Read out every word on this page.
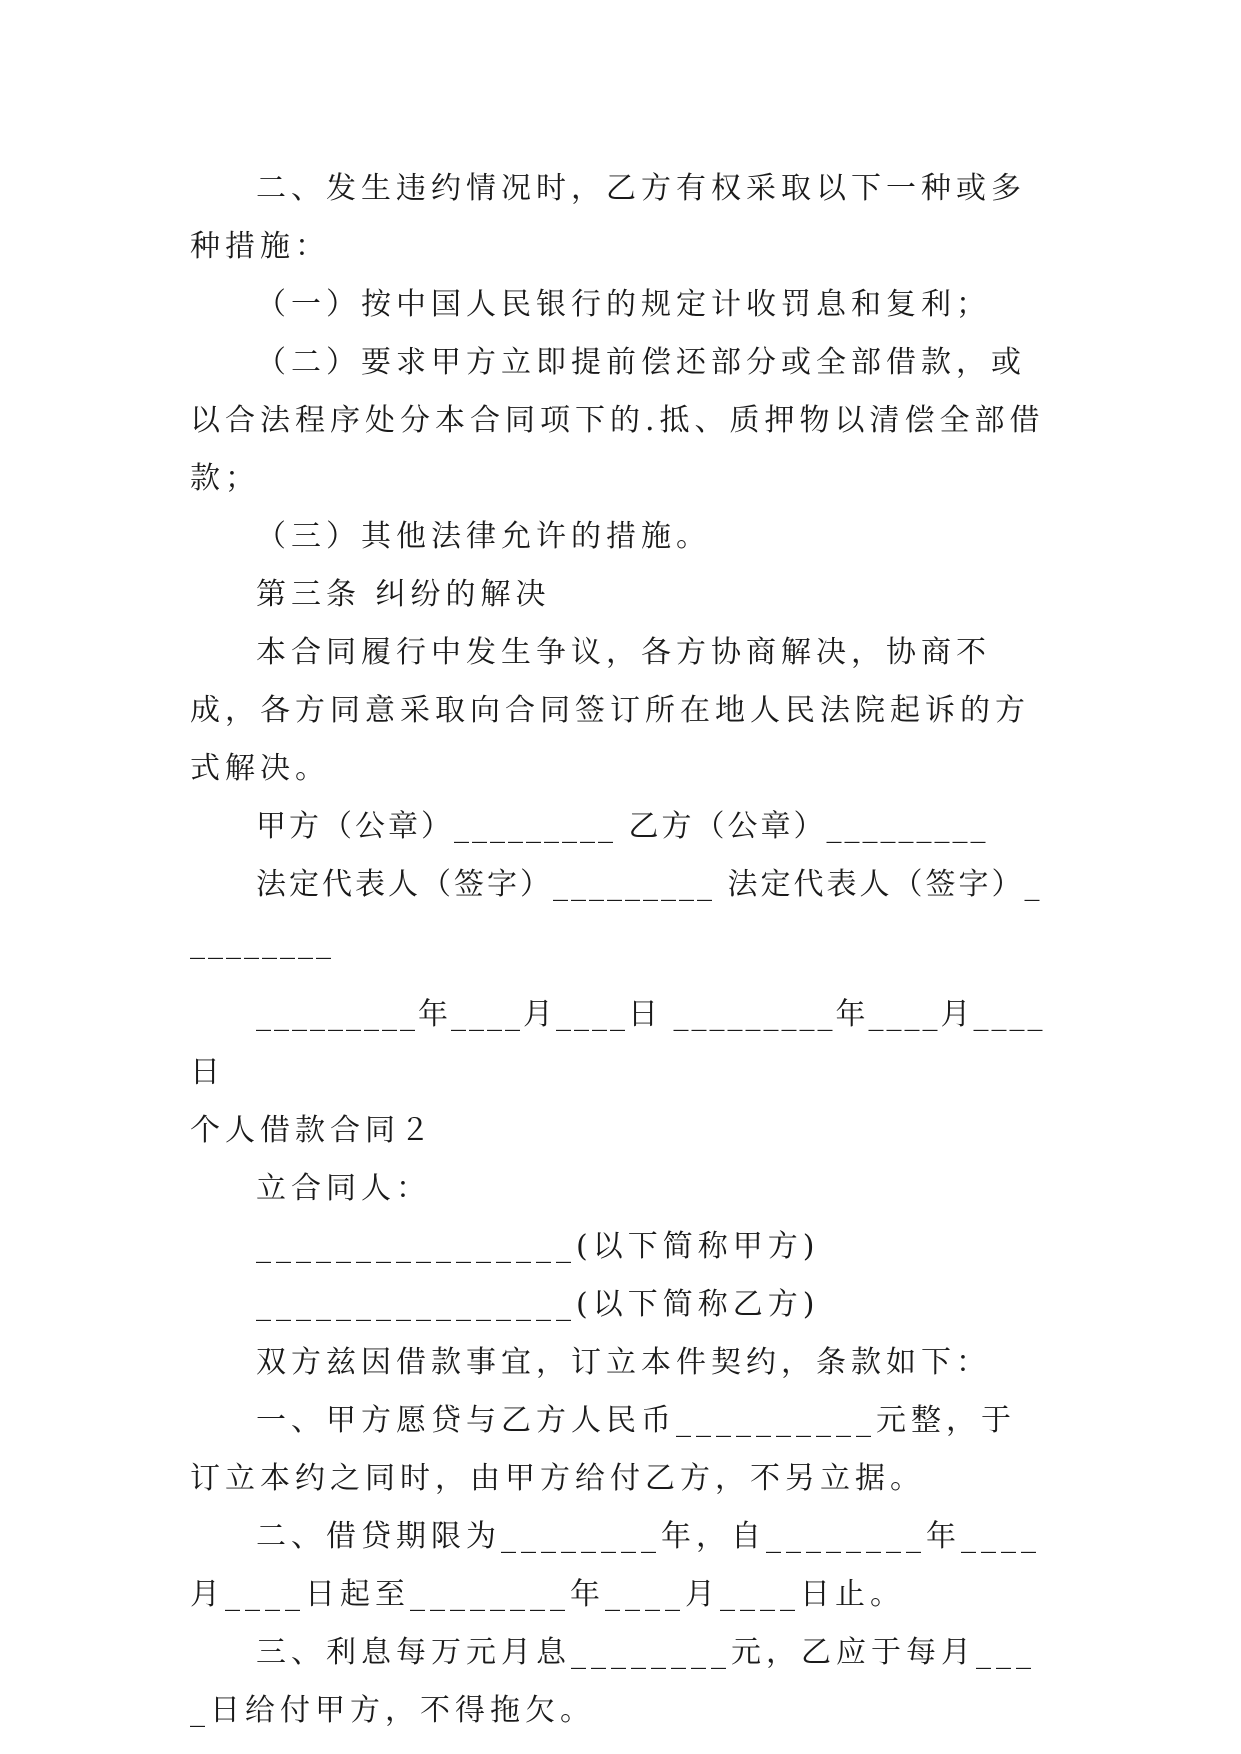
二、发生违约情况时，乙方有权采取以下一种或多种措施：

（一）按中国人民银行的规定计收罚息和复利；

（二）要求甲方立即提前偿还部分或全部借款，或以合法程序处分本合同项下的.抵、质押物以清偿全部借款；

（三）其他法律允许的措施。

第三条 纠纷的解决

本合同履行中发生争议，各方协商解决，协商不成，各方同意采取向合同签订所在地人民法院起诉的方式解决。

甲方（公章）_________ 乙方（公章）_________

法定代表人（签字）_________ 法定代表人（签字）_________

_________年____月____日 _________年____月____日

个人借款合同２

立合同人：

________________(以下简称甲方)

________________(以下简称乙方)

双方兹因借款事宜，订立本件契约，条款如下：

一、甲方愿贷与乙方人民币__________元整，于订立本约之同时，由甲方给付乙方，不另立据。

二、借贷期限为________年，自________年____月____日起至________年____月____日止。

三、利息每万元月息________元，乙应于每月____日给付甲方，不得拖欠。
